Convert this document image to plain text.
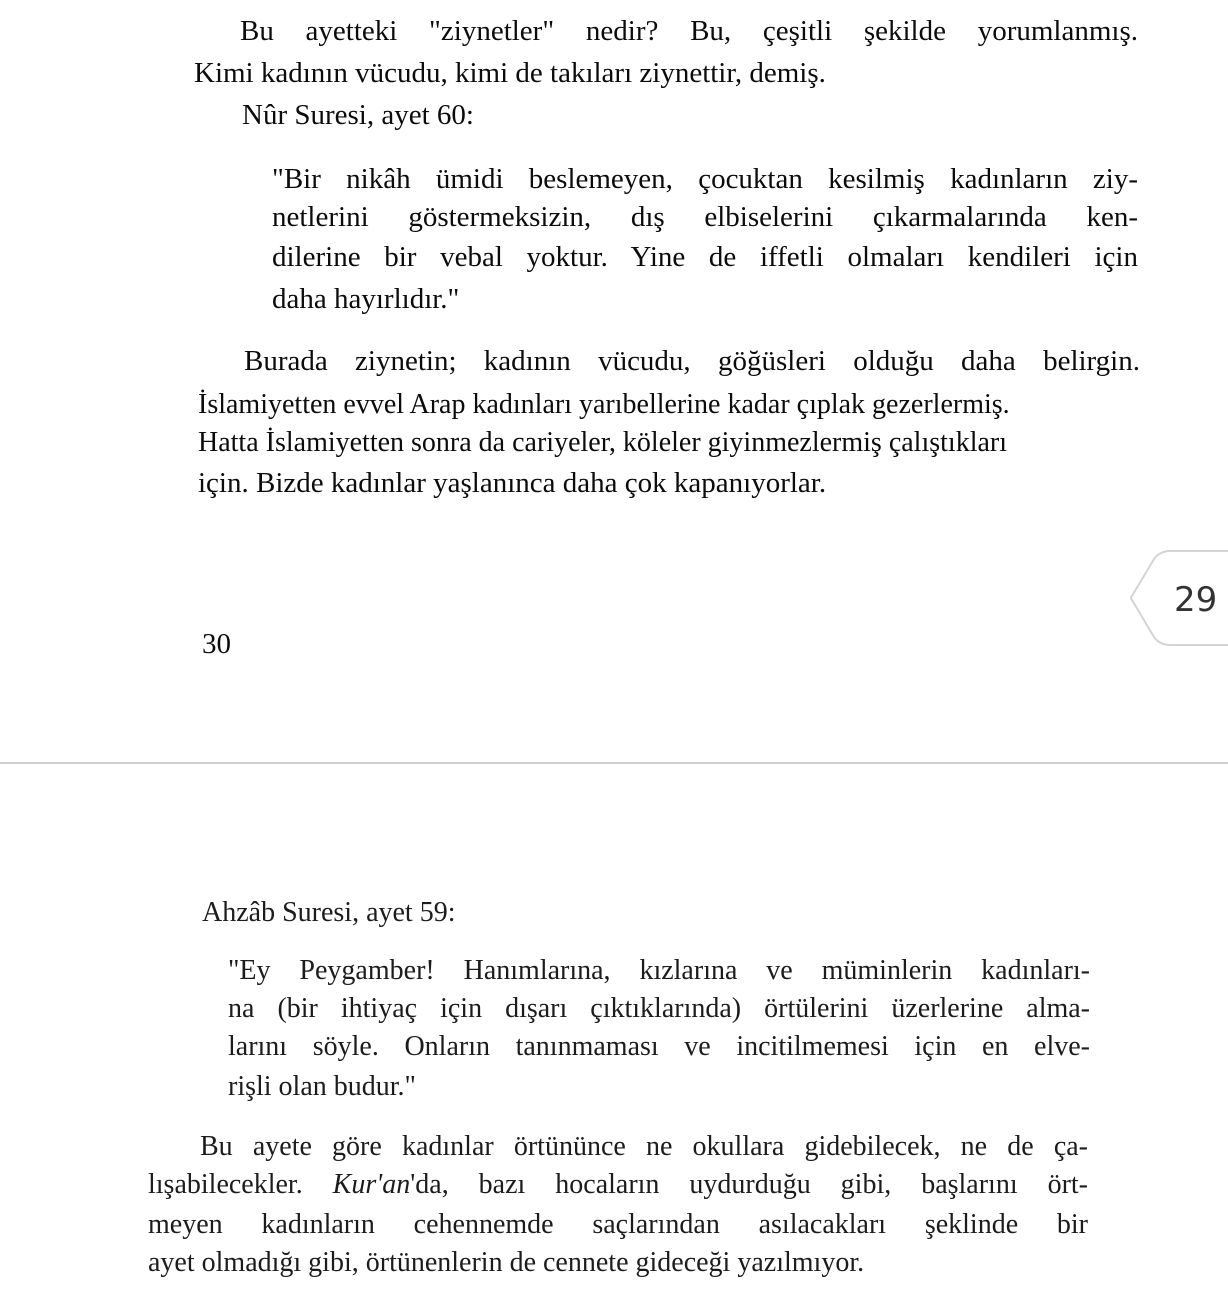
Bu ayetteki "ziynetler" nedir? Bu, çeşitli şekilde yorumlanmış.
Kimi kadının vücudu, kimi de takıları ziynettir, demiş.
Nûr Suresi, ayet 60:
"Bir nikâh ümidi beslemeyen, çocuktan kesilmiş kadınların ziy-
netlerini göstermeksizin, dış elbiselerini çıkarmalarında ken-
dilerine bir vebal yoktur. Yine de iffetli olmaları kendileri için
daha hayırlıdır."
Burada ziynetin; kadının vücudu, göğüsleri olduğu daha belirgin.
İslamiyetten evvel Arap kadınları yarıbellerine kadar çıplak gezerlermiş.
Hatta İslamiyetten sonra da cariyeler, köleler giyinmezlermiş çalıştıkları
için. Bizde kadınlar yaşlanınca daha çok kapanıyorlar.
30
29
Ahzâb Suresi, ayet 59:
"Ey Peygamber! Hanımlarına, kızlarına ve müminlerin kadınları-
na (bir ihtiyaç için dışarı çıktıklarında) örtülerini üzerlerine alma-
larını söyle. Onların tanınmaması ve incitilmemesi için en elve-
rişli olan budur."
Bu ayete göre kadınlar örtününce ne okullara gidebilecek, ne de ça-
lışabilecekler. Kur'an'da, bazı hocaların uydurduğu gibi, başlarını ört-
meyen kadınların cehennemde saçlarından asılacakları şeklinde bir
ayet olmadığı gibi, örtünenlerin de cennete gideceği yazılmıyor.
